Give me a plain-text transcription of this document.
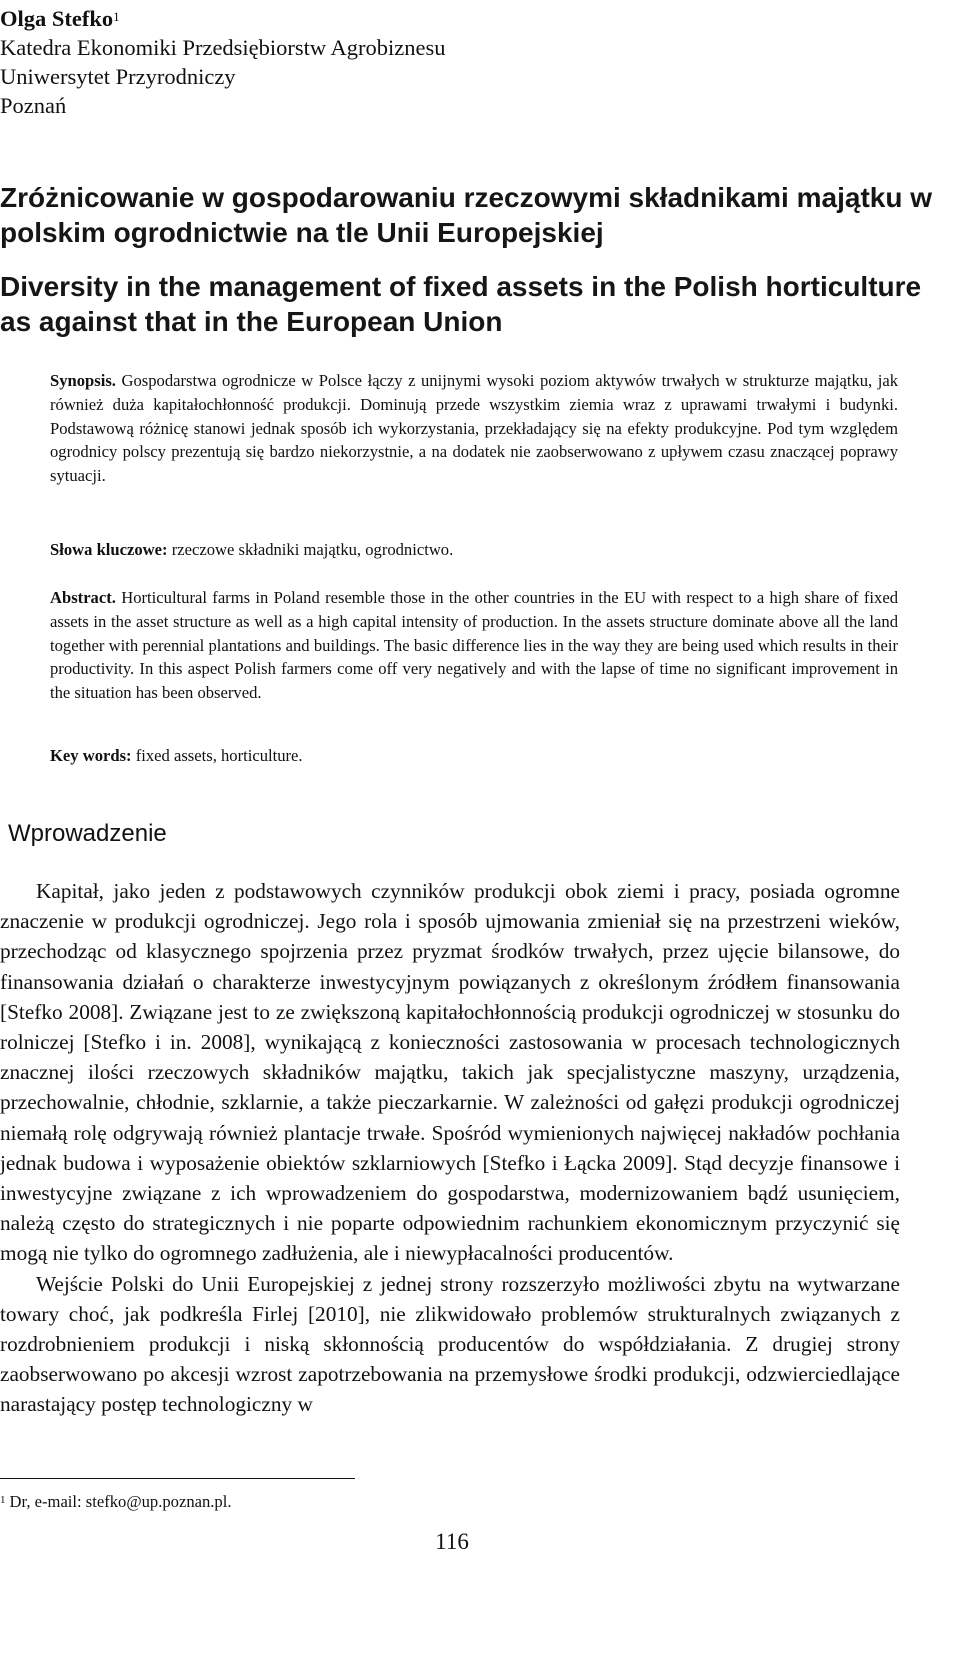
Olga Stefko$^1$
Katedra Ekonomiki Przedsiębiorstw Agrobiznesu
Uniwersytet Przyrodniczy
Poznań
Zróżnicowanie w gospodarowaniu rzeczowymi składnikami majątku w polskim ogrodnictwie na tle Unii Europejskiej
Diversity in the management of fixed assets in the Polish horticulture as against that in the European Union
Synopsis. Gospodarstwa ogrodnicze w Polsce łączy z unijnymi wysoki poziom aktywów trwałych w strukturze majątku, jak również duża kapitałochłonność produkcji. Dominują przede wszystkim ziemia wraz z uprawami trwałymi i budynki. Podstawową różnicę stanowi jednak sposób ich wykorzystania, przekładający się na efekty produkcyjne. Pod tym względem ogrodnicy polscy prezentują się bardzo niekorzystnie, a na dodatek nie zaobserwowano z upływem czasu znaczącej poprawy sytuacji.
Słowa kluczowe: rzeczowe składniki majątku, ogrodnictwo.
Abstract. Horticultural farms in Poland resemble those in the other countries in the EU with respect to a high share of fixed assets in the asset structure as well as a high capital intensity of production. In the assets structure dominate above all the land together with perennial plantations and buildings. The basic difference lies in the way they are being used which results in their productivity. In this aspect Polish farmers come off very negatively and with the lapse of time no significant improvement in the situation has been observed.
Key words: fixed assets, horticulture.
Wprowadzenie

Kapitał, jako jeden z podstawowych czynników produkcji obok ziemi i pracy, posiada ogromne znaczenie w produkcji ogrodniczej. Jego rola i sposób ujmowania zmieniał się na przestrzeni wieków, przechodząc od klasycznego spojrzenia przez pryzmat środków trwałych, przez ujęcie bilansowe, do finansowania działań o charakterze inwestycyjnym powiązanych z określonym źródłem finansowania [Stefko 2008]. Związane jest to ze zwiększoną kapitałochłonnością produkcji ogrodniczej w stosunku do rolniczej [Stefko i in. 2008], wynikającą z konieczności zastosowania w procesach technologicznych znacznej ilości rzeczowych składników majątku, takich jak specjalistyczne maszyny, urządzenia, przechowalnie, chłodnie, szklarnie, a także pieczarkarnie. W zależności od gałęzi produkcji ogrodniczej niemałą rolę odgrywają również plantacje trwałe. Spośród wymienionych najwięcej nakładów pochłania jednak budowa i wyposażenie obiektów szklarniowych [Stefko i Łącka 2009]. Stąd decyzje finansowe i inwestycyjne związane z ich wprowadzeniem do gospodarstwa, modernizowaniem bądź usunięciem, należą często do strategicznych i nie poparte odpowiednim rachunkiem ekonomicznym przyczynić się mogą nie tylko do ogromnego zadłużenia, ale i niewypłacalności producentów.

Wejście Polski do Unii Europejskiej z jednej strony rozszerzyło możliwości zbytu na wytwarzane towary choć, jak podkreśla Firlej [2010], nie zlikwidowało problemów strukturalnych związanych z rozdrobnieniem produkcji i niską skłonnością producentów do współdziałania. Z drugiej strony zaobserwowano po akcesji wzrost zapotrzebowania na przemysłowe środki produkcji, odzwierciedlające narastający postęp technologiczny w

$^1$ Dr, e-mail: stefko@up.poznan.pl.
116
